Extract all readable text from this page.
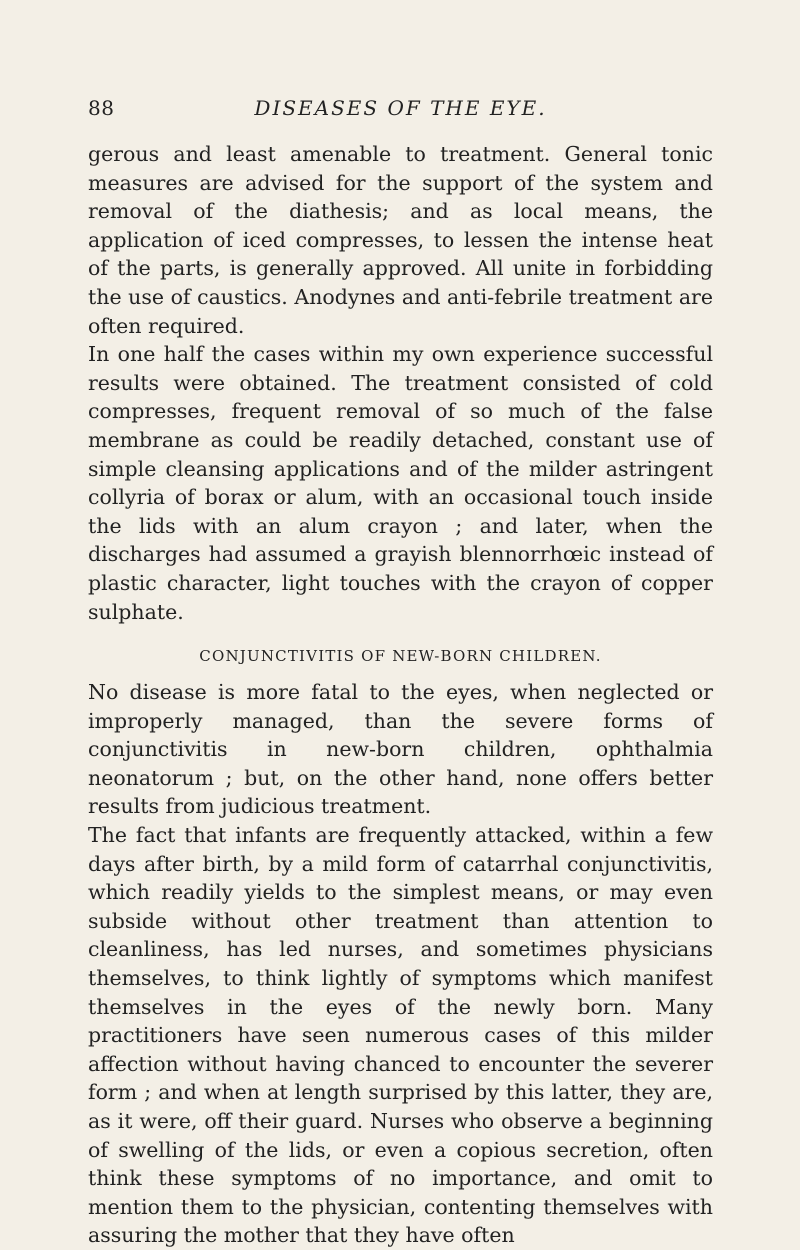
88	DISEASES OF THE EYE.

gerous and least amenable to treatment. General tonic measures are advised for the support of the system and removal of the diathesis; and as local means, the application of iced compresses, to lessen the intense heat of the parts, is generally approved. All unite in forbidding the use of caustics. Anodynes and anti-febrile treatment are often required.

In one half the cases within my own experience successful results were obtained. The treatment consisted of cold compresses, frequent removal of so much of the false membrane as could be readily detached, constant use of simple cleansing applications and of the milder astringent collyria of borax or alum, with an occasional touch inside the lids with an alum crayon ; and later, when the discharges had assumed a grayish blennorrhœic instead of plastic character, light touches with the crayon of copper sulphate.

CONJUNCTIVITIS OF NEW-BORN CHILDREN.

No disease is more fatal to the eyes, when neglected or improperly managed, than the severe forms of conjunctivitis in new-born children, ophthalmia neonatorum ; but, on the other hand, none offers better results from judicious treatment.

The fact that infants are frequently attacked, within a few days after birth, by a mild form of catarrhal conjunctivitis, which readily yields to the simplest means, or may even subside without other treatment than attention to cleanliness, has led nurses, and sometimes physicians themselves, to think lightly of symptoms which manifest themselves in the eyes of the newly born. Many practitioners have seen numerous cases of this milder affection without having chanced to encounter the severer form ; and when at length surprised by this latter, they are, as it were, off their guard. Nurses who observe a beginning of swelling of the lids, or even a copious secretion, often think these symptoms of no importance, and omit to mention them to the physician, contenting themselves with assuring the mother that they have often
